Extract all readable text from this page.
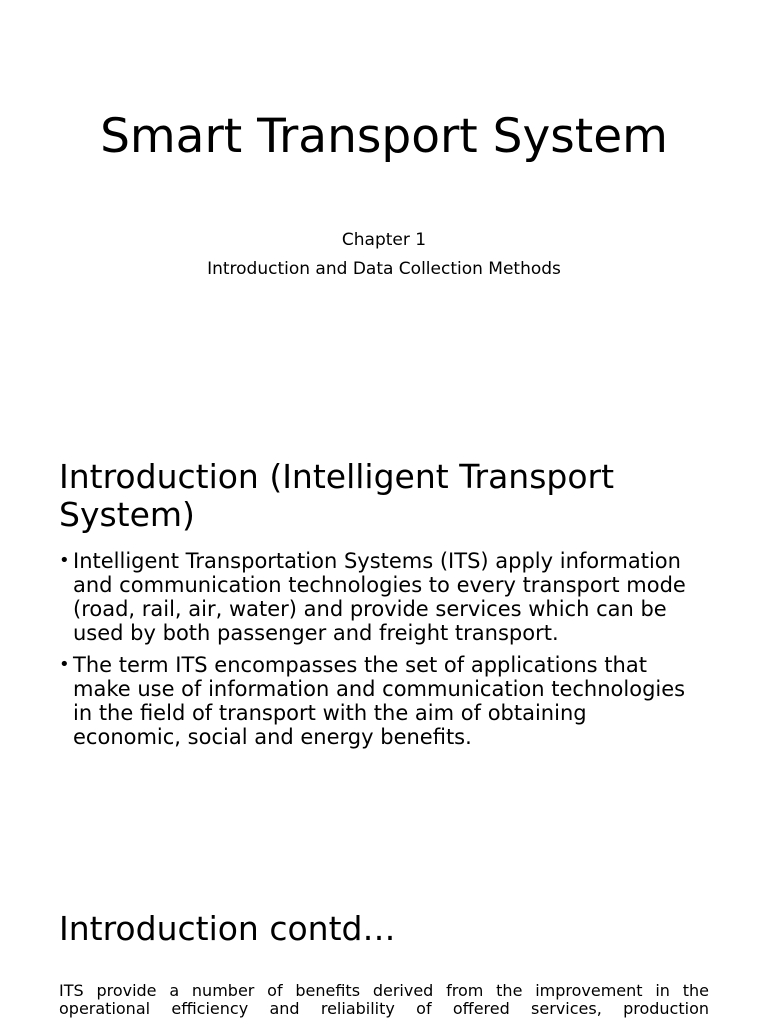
Smart Transport System

Chapter 1

Introduction and Data Collection Methods

Introduction (Intelligent Transport System)
• Intelligent Transportation Systems (ITS) apply information and communication technologies to every transport mode (road, rail, air, water) and provide services which can be used by both passenger and freight transport.
• The term ITS encompasses the set of applications that make use of information and communication technologies in the field of transport with the aim of obtaining economic, social and energy benefits.
Introduction contd…

ITS provide a number of benefits derived from the improvement in the operational efficiency and reliability of offered services, production
